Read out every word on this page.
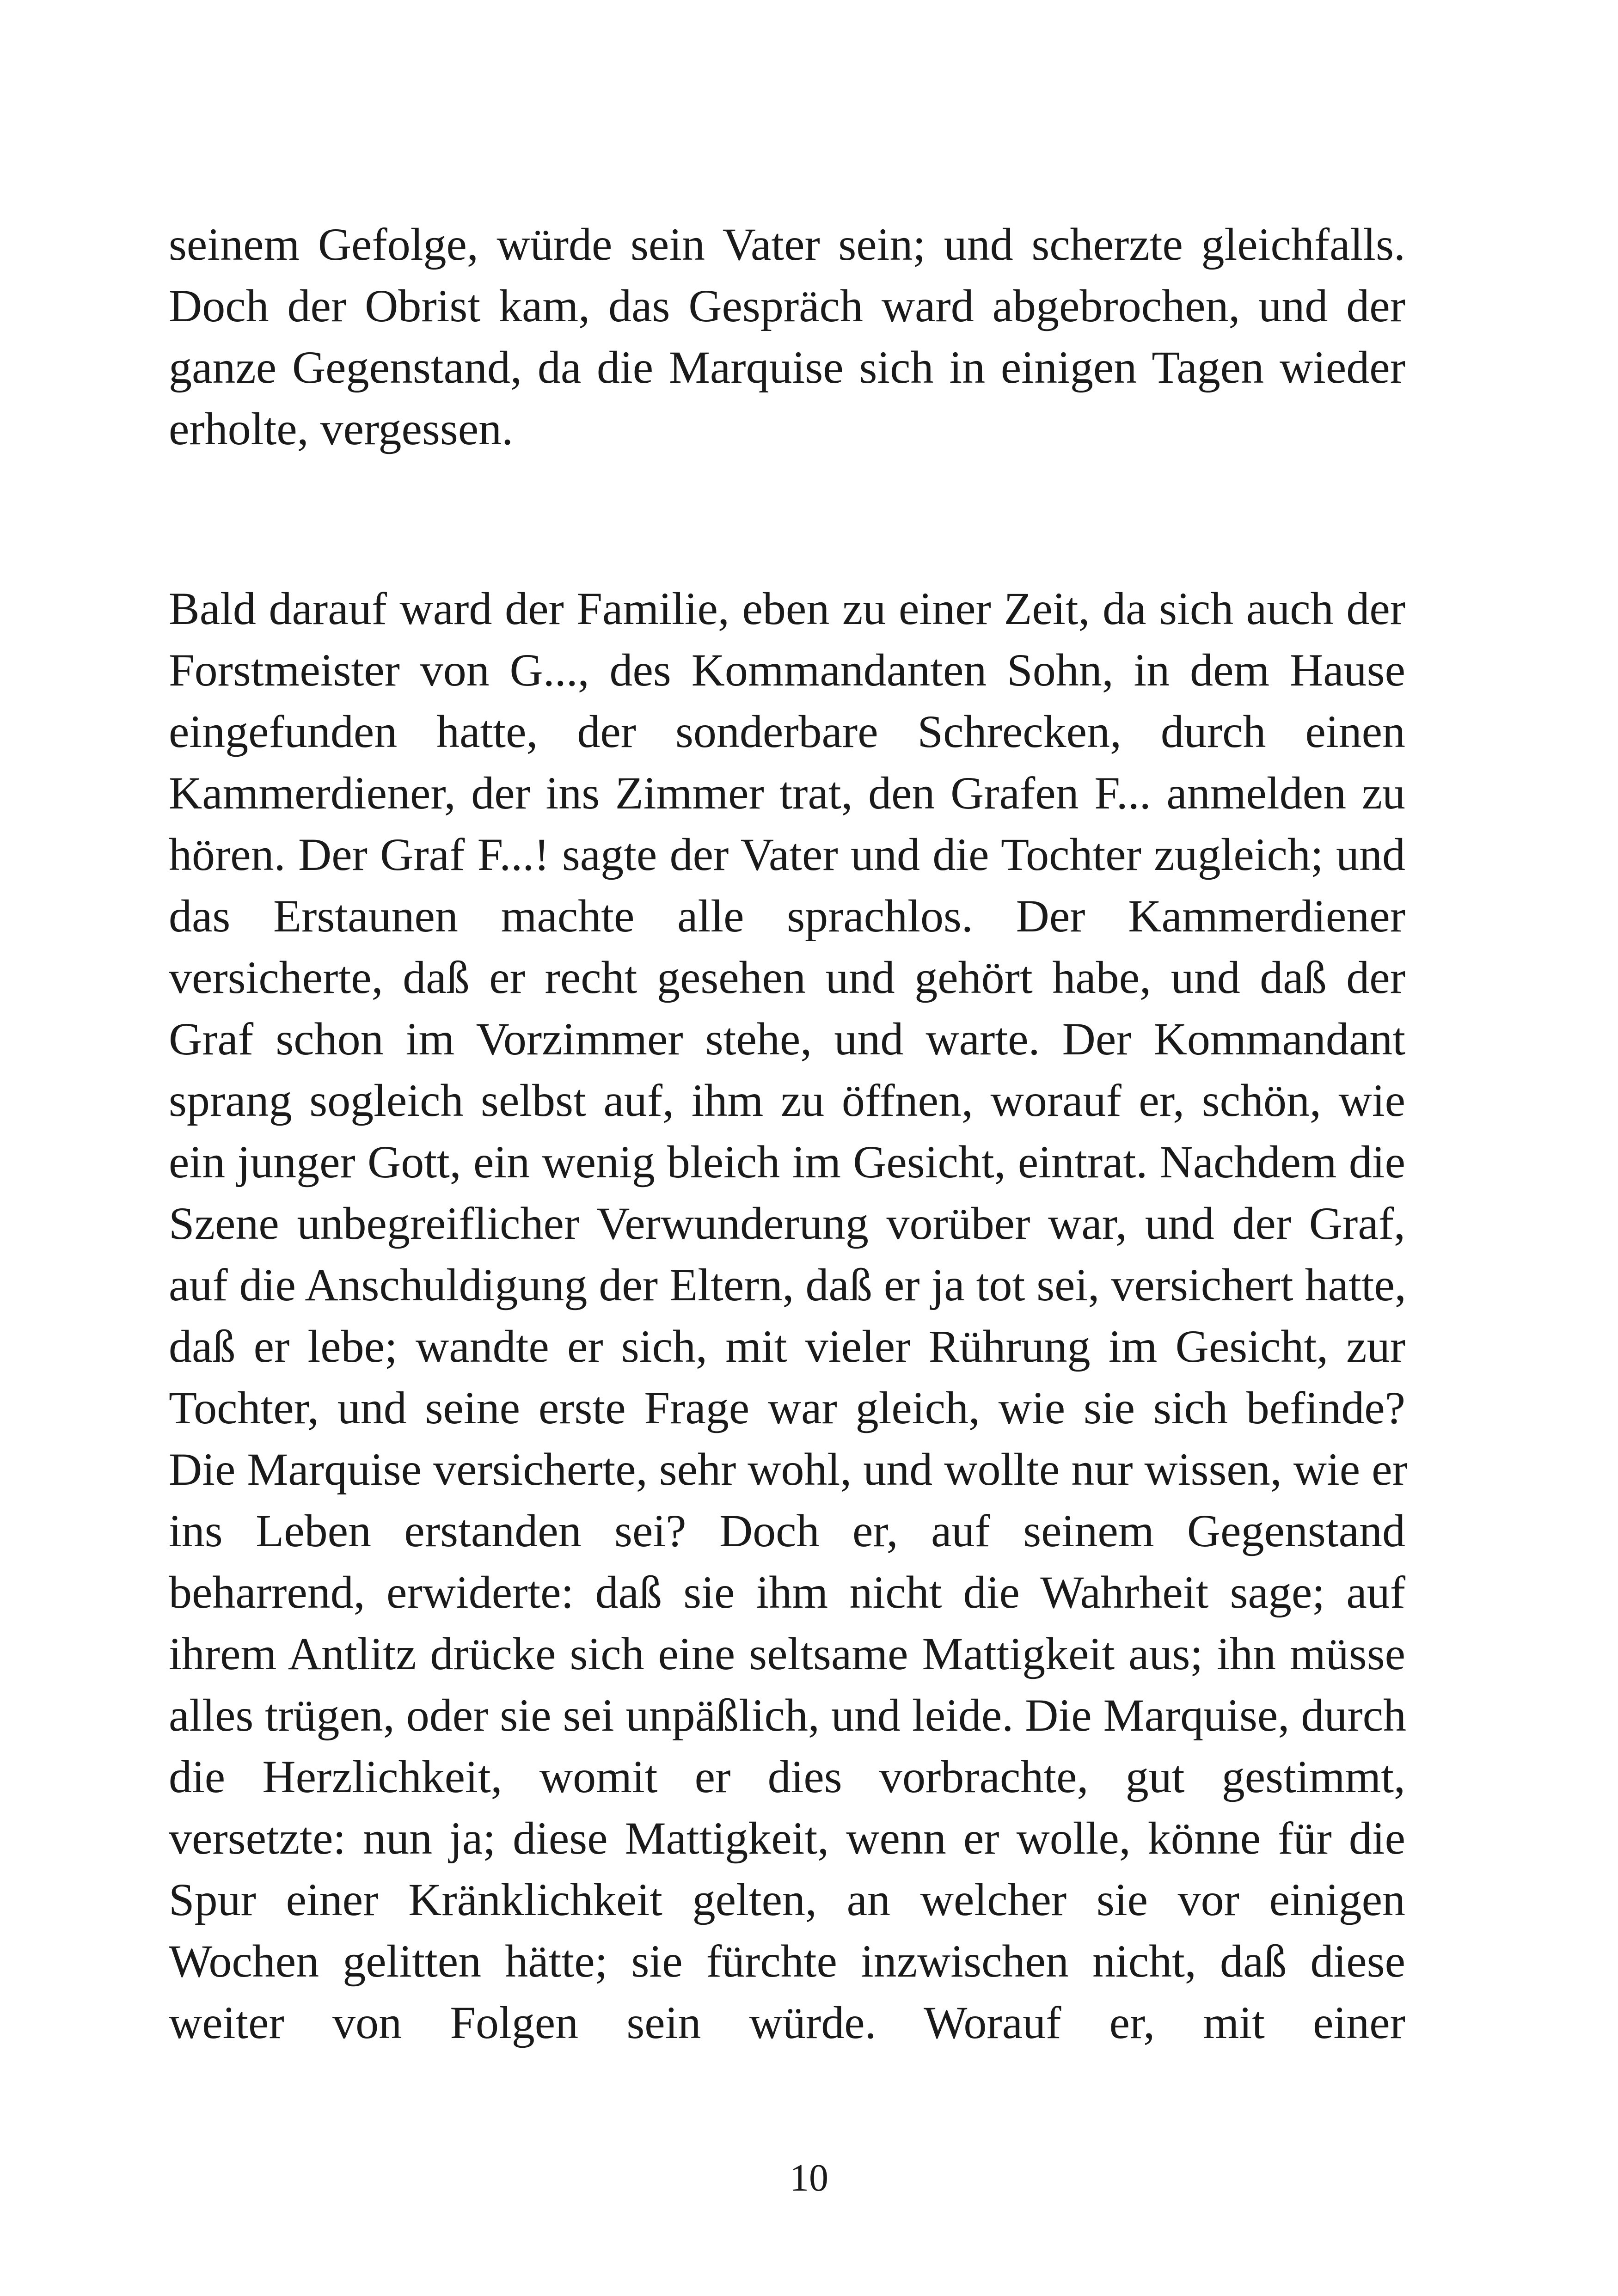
seinem Gefolge, würde sein Vater sein; und scherzte gleichfalls.
Doch der Obrist kam, das Gespräch ward abgebrochen, und der
ganze Gegenstand, da die Marquise sich in einigen Tagen wieder
erholte, vergessen.
Bald darauf ward der Familie, eben zu einer Zeit, da sich auch der
Forstmeister von G..., des Kommandanten Sohn, in dem Hause
eingefunden hatte, der sonderbare Schrecken, durch einen
Kammerdiener, der ins Zimmer trat, den Grafen F... anmelden zu
hören. Der Graf F...! sagte der Vater und die Tochter zugleich; und
das Erstaunen machte alle sprachlos. Der Kammerdiener
versicherte, daß er recht gesehen und gehört habe, und daß der
Graf schon im Vorzimmer stehe, und warte. Der Kommandant
sprang sogleich selbst auf, ihm zu öffnen, worauf er, schön, wie
ein junger Gott, ein wenig bleich im Gesicht, eintrat. Nachdem die
Szene unbegreiflicher Verwunderung vorüber war, und der Graf,
auf die Anschuldigung der Eltern, daß er ja tot sei, versichert hatte,
daß er lebe; wandte er sich, mit vieler Rührung im Gesicht, zur
Tochter, und seine erste Frage war gleich, wie sie sich befinde?
Die Marquise versicherte, sehr wohl, und wollte nur wissen, wie er
ins Leben erstanden sei? Doch er, auf seinem Gegenstand
beharrend, erwiderte: daß sie ihm nicht die Wahrheit sage; auf
ihrem Antlitz drücke sich eine seltsame Mattigkeit aus; ihn müsse
alles trügen, oder sie sei unpäßlich, und leide. Die Marquise, durch
die Herzlichkeit, womit er dies vorbrachte, gut gestimmt,
versetzte: nun ja; diese Mattigkeit, wenn er wolle, könne für die
Spur einer Kränklichkeit gelten, an welcher sie vor einigen
Wochen gelitten hätte; sie fürchte inzwischen nicht, daß diese
weiter von Folgen sein würde. Worauf er, mit einer
10
